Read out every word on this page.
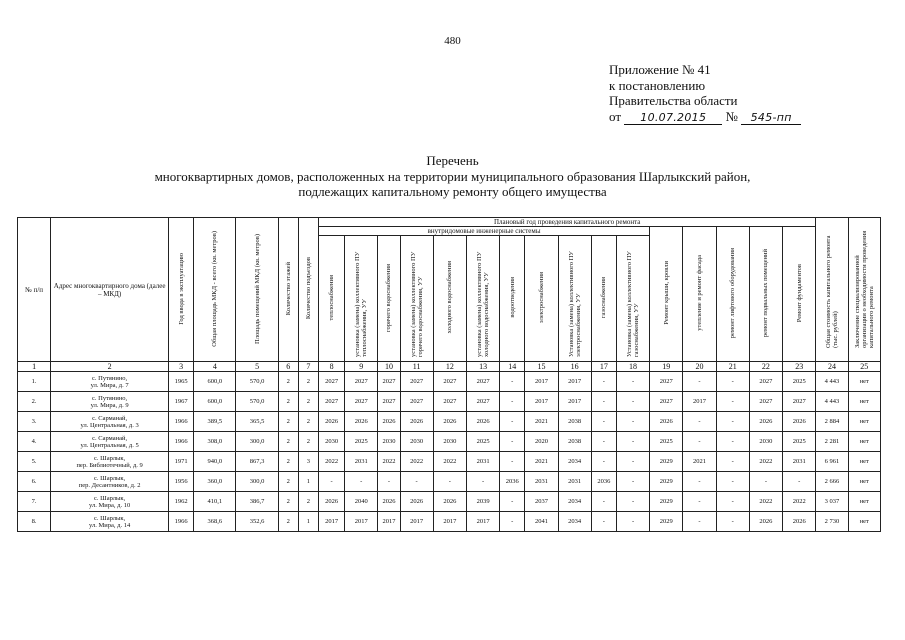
480
Приложение № 41
к постановлению
Правительства области
от 10.07.2015 № 545-пп
Перечень
многоквартирных домов, расположенных на территории муниципального образования Шарлыкский район,
подлежащих капитальному ремонту общего имущества
№ п/п	Адрес многоквартирного дома (далее – МКД)	Год ввода в эксплуатацию	Общая площадь МКД - всего (кв. метров)	Площадь помещений МКД (кв. метров)	Количество этажей	Количество подъездов	Плановый год проведения капитального ремонта																Общая стоимость капитального ремонта (тыс. рублей)	Заключение специализированной организации о необходимости проведения капитального ремонта
							внутридомовые инженерные системы											Ремонт крыши, кровли	утепление и ремонт фасада	ремонт лифтового оборудования	ремонт подвальных помещений	Ремонт фундаментов		
							теплоснабжения	установка (замена) коллективного ПУ теплоснабжения, УУ	горячего водоснабжения	установка (замена) коллективного ПУ горячего водоснабжения, УУ	холодного водоснабжения	установка (замена) коллективного ПУ холодного водоснабжения, УУ	водоотведения	электроснабжения	Установка (замена) коллективного ПУ электроснабжения, УУ	газоснабжения	Установка (замена) коллективного ПУ газоснабжения, УУ							
1	2	3	4	5	6	7	8	9	10	11	12	13	14	15	16	17	18	19	20	21	22	23	24	25
1.	с. Путянино,
ул. Мира, д. 7	1965	600,0	570,0	2	2	2027	2027	2027	2027	2027	2027	-	2017	2017	-	-	2027	-	-	2027	2025	4 443	нет
2.	с. Путянино,
ул. Мира, д. 9	1967	600,0	570,0	2	2	2027	2027	2027	2027	2027	2027	-	2017	2017	-	-	2027	2017	-	2027	2027	4 443	нет
3.	с. Сарманай,
ул. Центральная, д. 3	1966	389,5	365,5	2	2	2026	2026	2026	2026	2026	2026	-	2021	2038	-	-	2026	-	-	2026	2026	2 884	нет
4.	с. Сарманай,
ул. Центральная, д. 5	1966	308,0	300,0	2	2	2030	2025	2030	2030	2030	2025	-	2020	2038	-	-	2025	-	-	2030	2025	2 281	нет
5.	с. Шарлык,
пер. Библиотечный, д. 9	1971	940,0	867,3	2	3	2022	2031	2022	2022	2022	2031	-	2021	2034	-	-	2029	2021	-	2022	2031	6 961	нет
6.	с. Шарлык,
пер. Десантников, д. 2	1956	360,0	300,0	2	1	-	-	-	-	-	-	2036	2031	2031	2036	-	2029	-	-	-	-	2 666	нет
7.	с. Шарлык,
ул. Мира, д. 10	1962	410,1	386,7	2	2	2026	2040	2026	2026	2026	2039	-	2037	2034	-	-	2029	-	-	2022	2022	3 037	нет
8.	с. Шарлык,
ул. Мира, д. 14	1966	368,6	352,6	2	1	2017	2017	2017	2017	2017	2017	-	2041	2034	-	-	2029	-	-	2026	2026	2 730	нет
